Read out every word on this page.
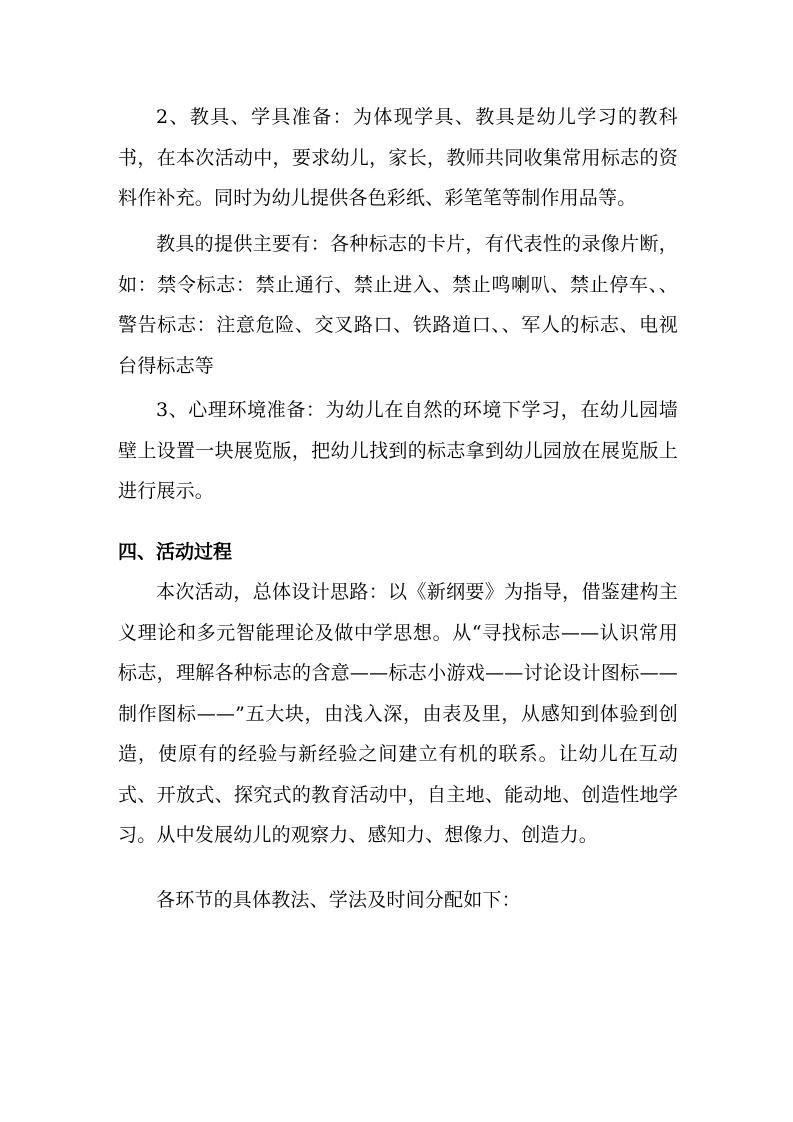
2、教具、学具准备：为体现学具、教具是幼儿学习的教科书，在本次活动中，要求幼儿，家长，教师共同收集常用标志的资料作补充。同时为幼儿提供各色彩纸、彩笔笔等制作用品等。

教具的提供主要有：各种标志的卡片，有代表性的录像片断，如：禁令标志：禁止通行、禁止进入、禁止鸣喇叭、禁止停车、、警告标志：注意危险、交叉路口、铁路道口、、军人的标志、电视台得标志等

3、心理环境准备：为幼儿在自然的环境下学习，在幼儿园墙壁上设置一块展览版，把幼儿找到的标志拿到幼儿园放在展览版上进行展示。

四、活动过程

本次活动，总体设计思路：以《新纲要》为指导，借鉴建构主义理论和多元智能理论及做中学思想。从“寻找标志——认识常用标志，理解各种标志的含意——标志小游戏——讨论设计图标——制作图标——”五大块，由浅入深，由表及里，从感知到体验到创造，使原有的经验与新经验之间建立有机的联系。让幼儿在互动式、开放式、探究式的教育活动中，自主地、能动地、创造性地学习。从中发展幼儿的观察力、感知力、想像力、创造力。

各环节的具体教法、学法及时间分配如下：
